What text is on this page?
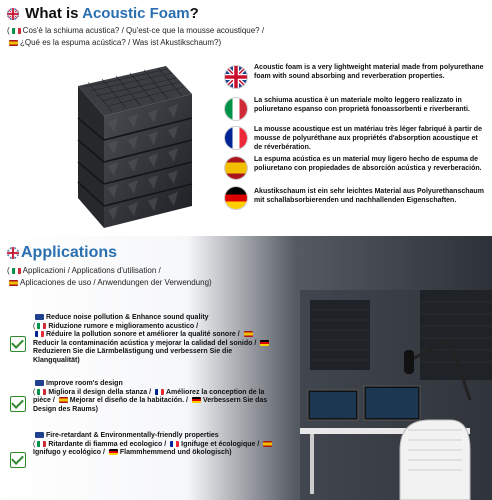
What is Acoustic Foam?
( Cos'è la schiuma acustica? / Qu'est-ce que la mousse acoustique? /
¿Qué es la espuma acústica? / Was ist Akustikschaum?)
Acoustic foam is a very lightweight material made from polyurethane foam with sound absorbing and reverberation properties.
La schiuma acustica è un materiale molto leggero realizzato in poliuretano espanso con proprietà fonoassorbenti e riverberanti.
La mousse acoustique est un matériau très léger fabriqué à partir de mousse de polyuréthane aux propriétés d'absorption acoustique et de réverbération.
La espuma acústica es un material muy ligero hecho de espuma de poliuretano con propiedades de absorción acústica y reverberación.
Akustikschaum ist ein sehr leichtes Material aus Polyurethanschaum mit schallabsorbierenden und nachhallenden Eigenschaften.
Applications
( Applicazioni / Applications d'utilisation /
Aplicaciones de uso / Anwendungen der Verwendung)
Reduce noise pollution & Enhance sound quality
( Riduzione rumore e miglioramento acustico /
Réduire la pollution sonore et améliorer la qualité sonore / Reducir la contaminación acústica y mejorar la calidad del sonido / Reduzieren Sie die Lärmbelästigung und verbessern Sie die Klangqualität)
Improve room's design
( Migliora il design della stanza / Améliorez la conception de la pièce / Mejorar el diseño de la habitación. / Verbessern Sie das Design des Raums)
Fire-retardant & Environmentally-friendly properties
( Ritardante di fiamma ed ecologico / Ignifuge et écologique / Ignifugo y ecológico / Flammhemmend und ökologisch)
